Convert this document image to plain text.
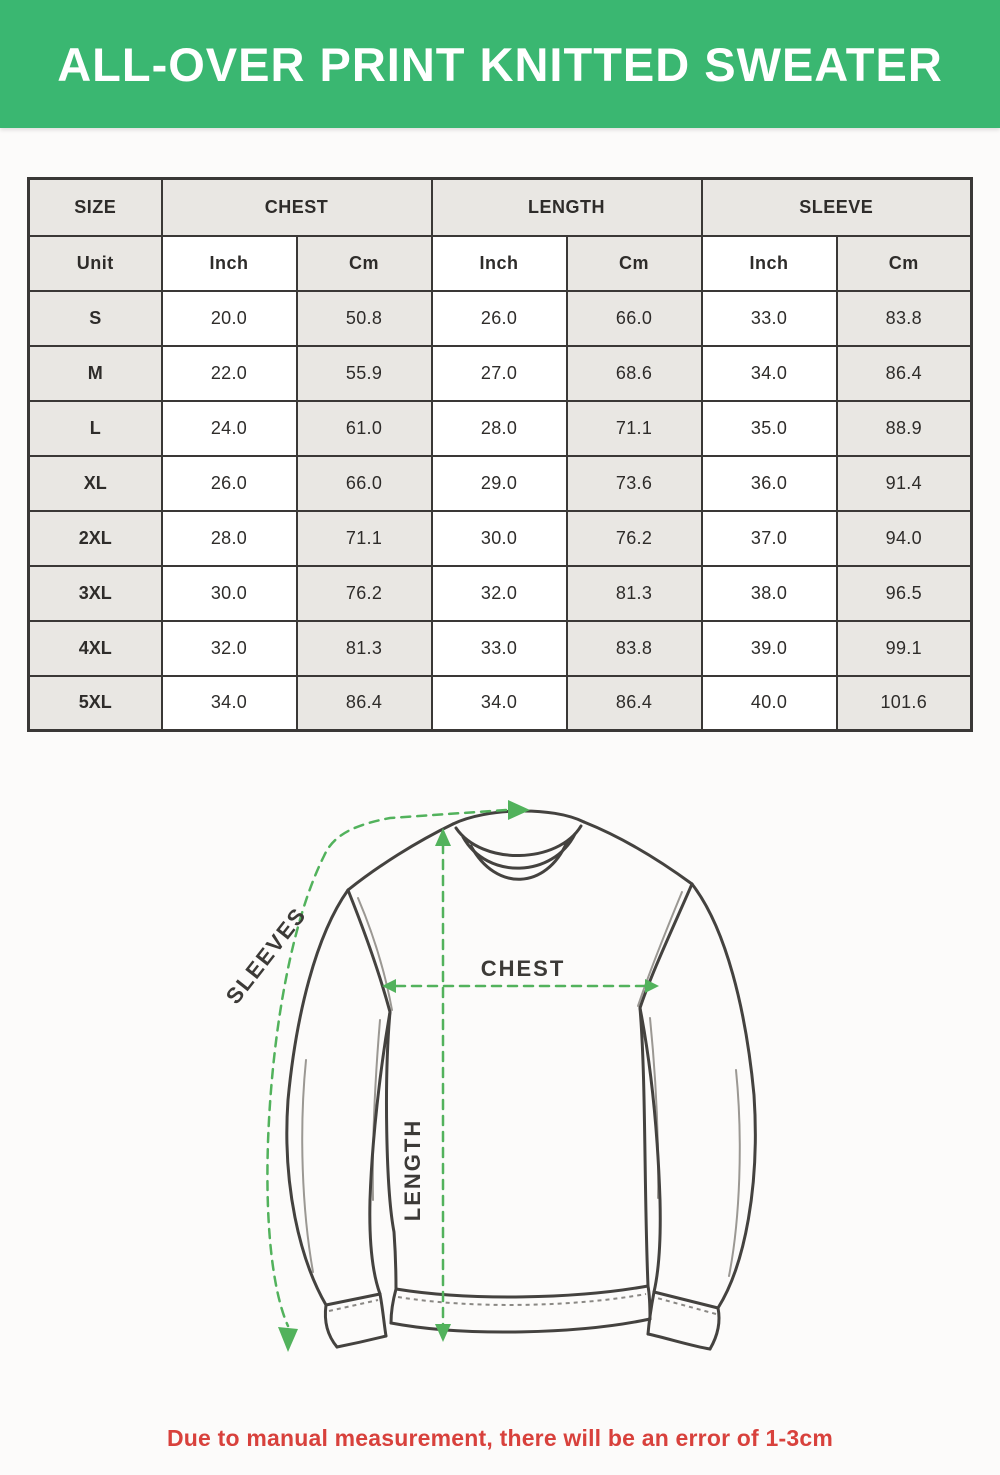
ALL-OVER PRINT KNITTED SWEATER
SIZE	CHEST		LENGTH		SLEEVE	
Unit	Inch	Cm	Inch	Cm	Inch	Cm
S	20.0	50.8	26.0	66.0	33.0	83.8
M	22.0	55.9	27.0	68.6	34.0	86.4
L	24.0	61.0	28.0	71.1	35.0	88.9
XL	26.0	66.0	29.0	73.6	36.0	91.4
2XL	28.0	71.1	30.0	76.2	37.0	94.0
3XL	30.0	76.2	32.0	81.3	38.0	96.5
4XL	32.0	81.3	33.0	83.8	39.0	99.1
5XL	34.0	86.4	34.0	86.4	40.0	101.6
CHEST
LENGTH
SLEEVES
Due to manual measurement, there will be an error of 1-3cm
